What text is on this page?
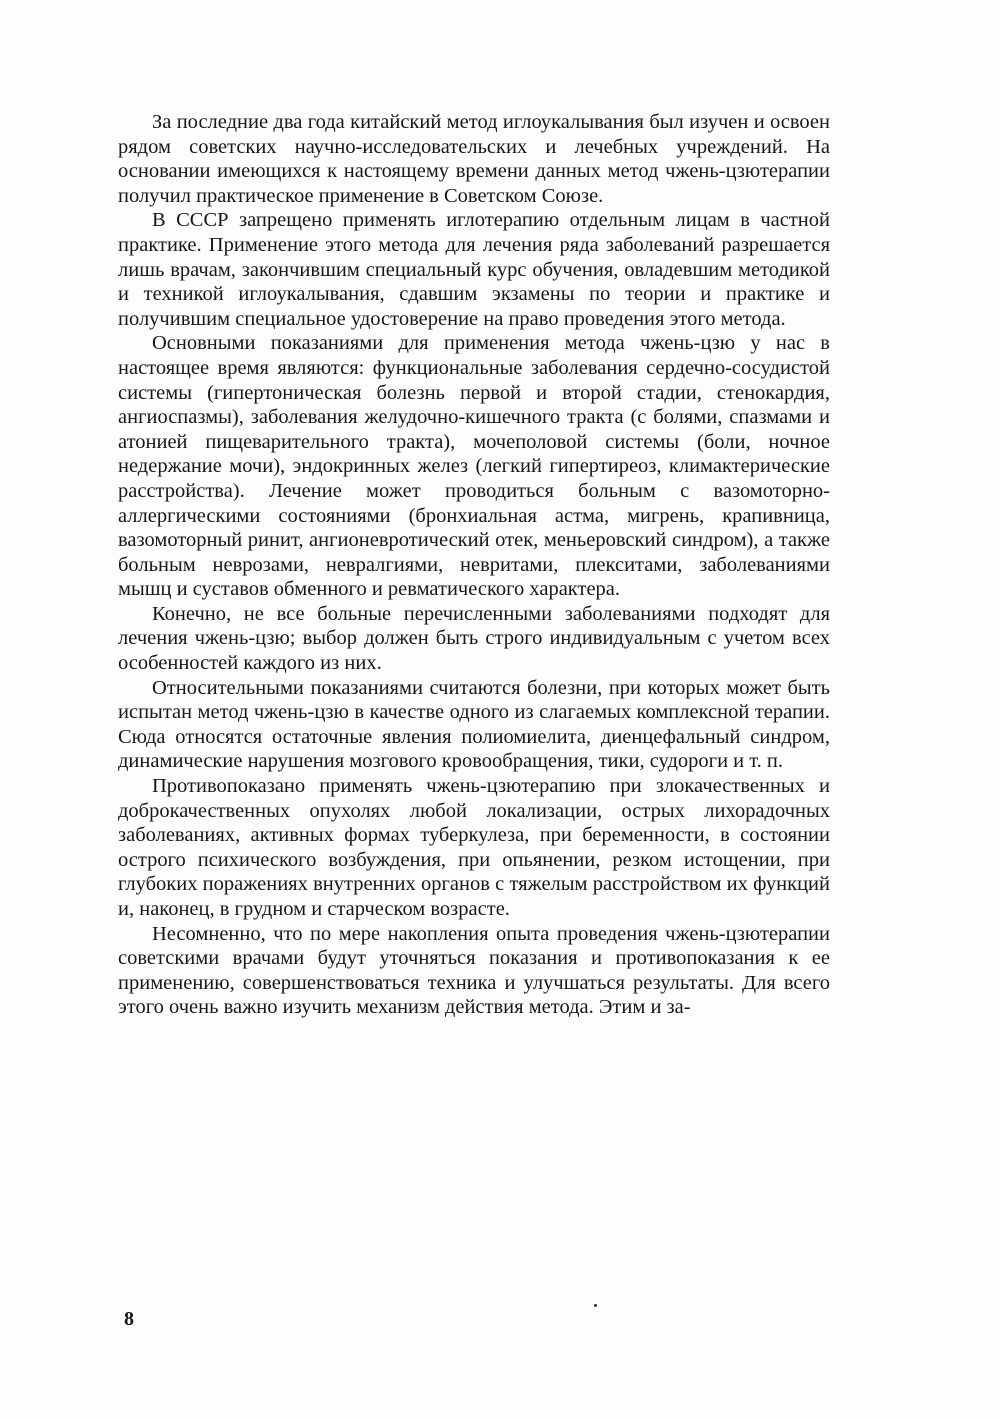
За последние два года китайский метод иглоукалывания был изучен и освоен рядом советских научно-исследовательских и лечебных учреждений. На основании имеющихся к настоящему времени данных метод чжень-цзютерапии получил практическое применение в Советском Союзе.

В СССР запрещено применять иглотерапию отдельным лицам в частной практике. Применение этого метода для лечения ряда заболеваний разрешается лишь врачам, закончившим специальный курс обучения, овладевшим методикой и техникой иглоукалывания, сдавшим экзамены по теории и практике и получившим специальное удостоверение на право проведения этого метода.

Основными показаниями для применения метода чжень-цзю у нас в настоящее время являются: функциональные заболевания сердечно-сосудистой системы (гипертоническая болезнь первой и второй стадии, стенокардия, ангиоспазмы), заболевания желудочно-кишечного тракта (с болями, спазмами и атонией пищеварительного тракта), мочеполовой системы (боли, ночное недержание мочи), эндокринных желез (легкий гипертиреоз, климактерические расстройства). Лечение может проводиться больным с вазомоторно-аллергическими состояниями (бронхиальная астма, мигрень, крапивница, вазомоторный ринит, ангионевротический отек, меньеровский синдром), а также больным неврозами, невралгиями, невритами, плекситами, заболеваниями мышц и суставов обменного и ревматического характера.

Конечно, не все больные перечисленными заболеваниями подходят для лечения чжень-цзю; выбор должен быть строго индивидуальным с учетом всех особенностей каждого из них.

Относительными показаниями считаются болезни, при которых может быть испытан метод чжень-цзю в качестве одного из слагаемых комплексной терапии. Сюда относятся остаточные явления полиомиелита, диенцефальный синдром, динамические нарушения мозгового кровообращения, тики, судороги и т. п.

Противопоказано применять чжень-цзютерапию при злокачественных и доброкачественных опухолях любой локализации, острых лихорадочных заболеваниях, активных формах туберкулеза, при беременности, в состоянии острого психического возбуждения, при опьянении, резком истощении, при глубоких поражениях внутренних органов с тяжелым расстройством их функций и, наконец, в грудном и старческом возрасте.

Несомненно, что по мере накопления опыта проведения чжень-цзютерапии советскими врачами будут уточняться показания и противопоказания к ее применению, совершенствоваться техника и улучшаться результаты. Для всего этого очень важно изучить механизм действия метода. Этим и за-

8
